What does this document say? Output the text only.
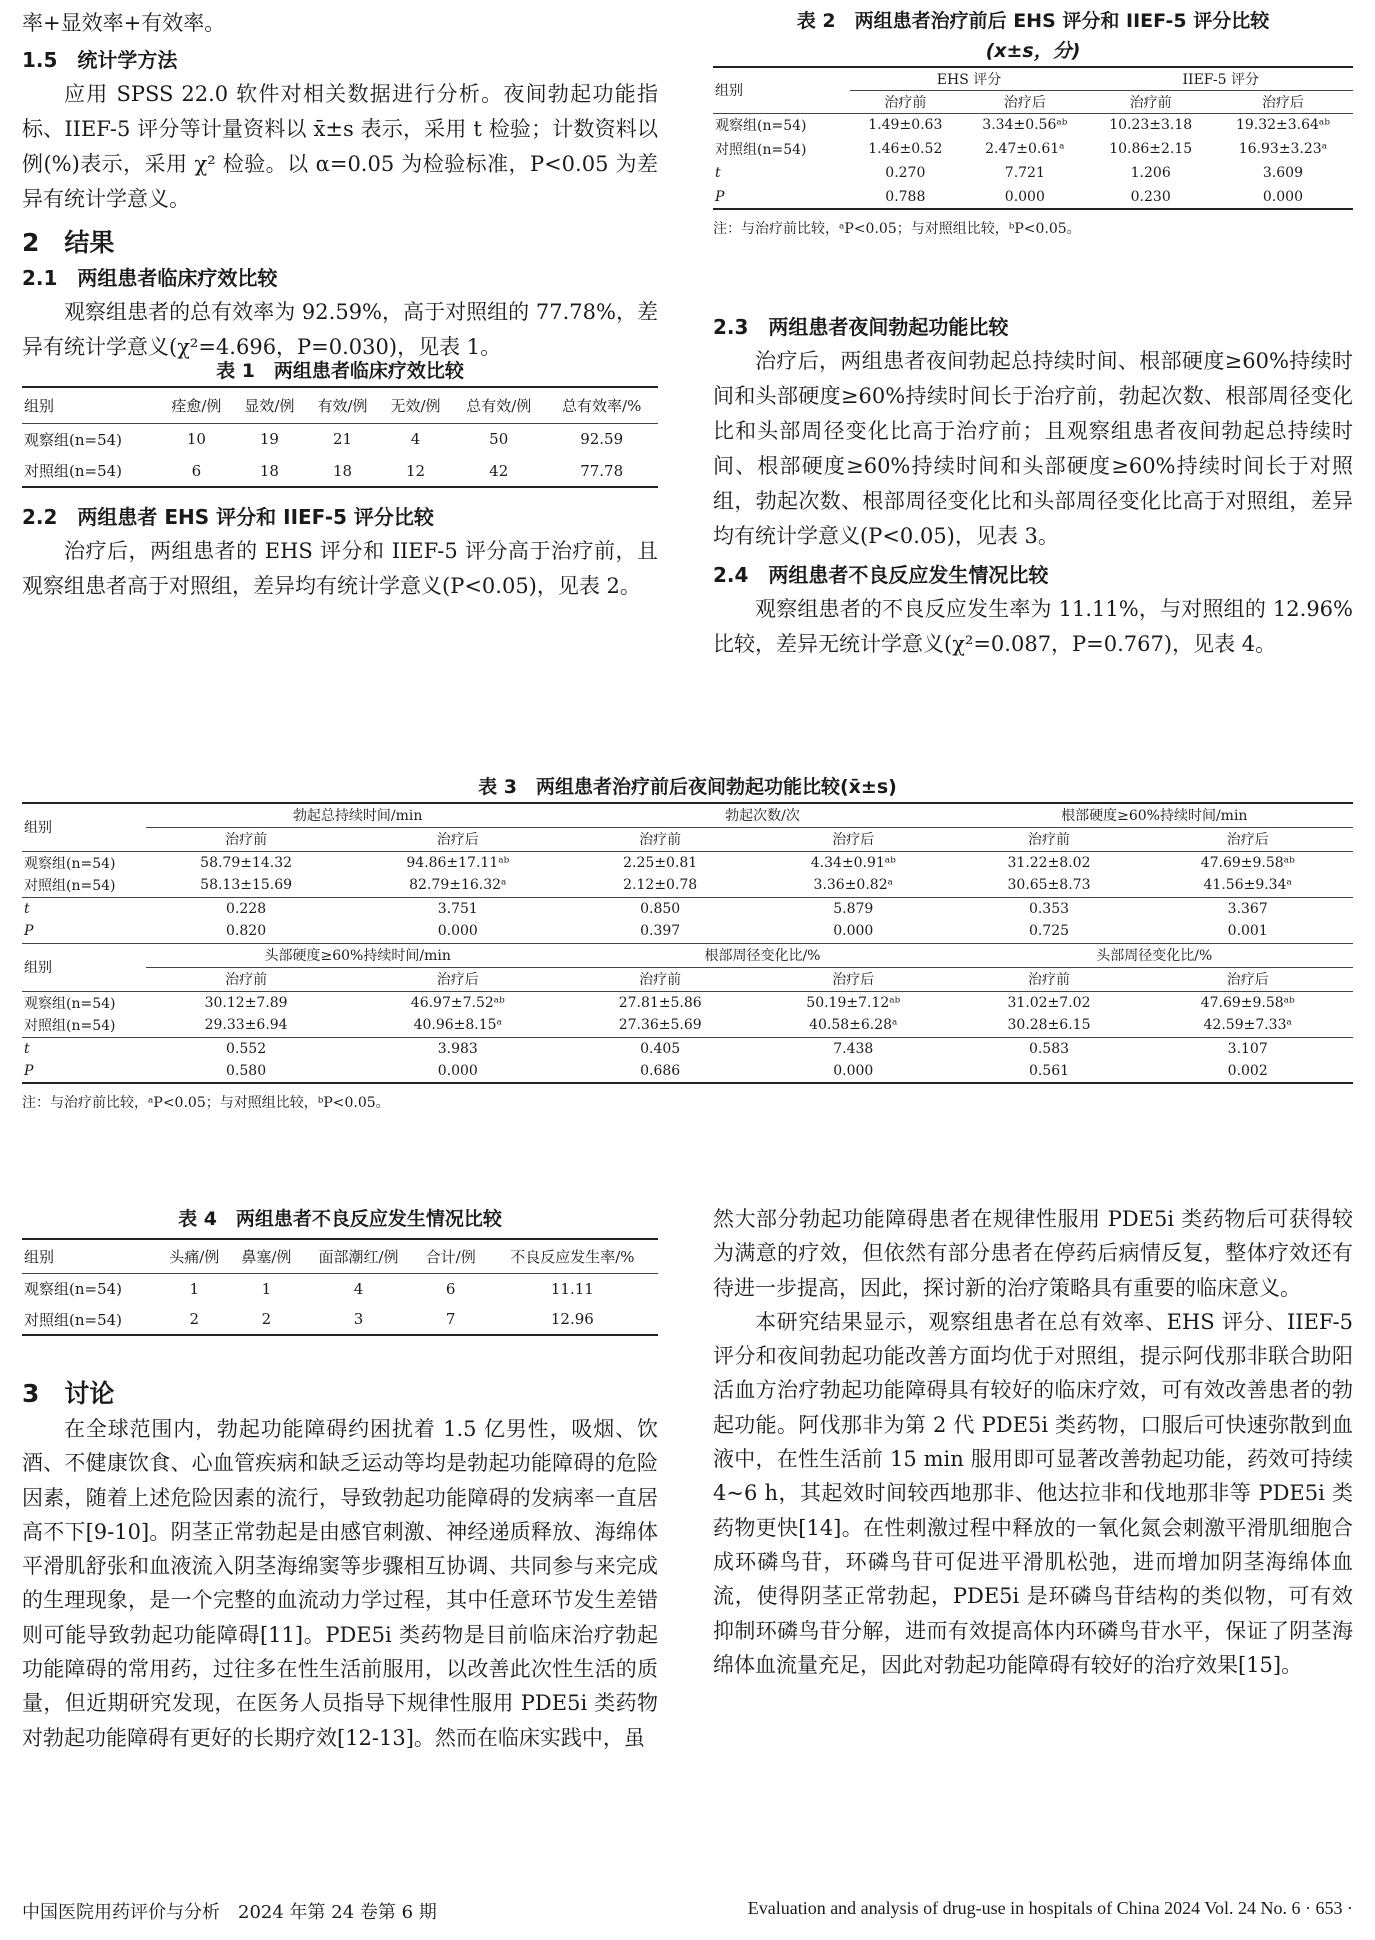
率+显效率+有效率。

1.5　统计学方法

应用 SPSS 22.0 软件对相关数据进行分析。夜间勃起功能指标、IIEF-5 评分等计量资料以 x̄±s 表示，采用 t 检验；计数资料以例(%)表示，采用 χ² 检验。以 α=0.05 为检验标准，P<0.05 为差异有统计学意义。

2　结果
2.1　两组患者临床疗效比较

观察组患者的总有效率为 92.59%，高于对照组的 77.78%，差异有统计学意义(χ²=4.696，P=0.030)，见表 1。

表 1　两组患者临床疗效比较
组别	痊愈/例	显效/例	有效/例	无效/例	总有效/例	总有效率/%
观察组(n=54)	10	19	21	4	50	92.59
对照组(n=54)	6	18	18	12	42	77.78
2.2　两组患者 EHS 评分和 IIEF-5 评分比较

治疗后，两组患者的 EHS 评分和 IIEF-5 评分高于治疗前，且观察组患者高于对照组，差异均有统计学意义(P<0.05)，见表 2。

表 2　两组患者治疗前后 EHS 评分和 IIEF-5 评分比较
(x±s，分)
组别	EHS 评分		IIEF-5 评分	
	治疗前	治疗后	治疗前	治疗后
观察组(n=54)	1.49±0.63	3.34±0.56ᵃᵇ	10.23±3.18	19.32±3.64ᵃᵇ
对照组(n=54)	1.46±0.52	2.47±0.61ᵃ	10.86±2.15	16.93±3.23ᵃ
t	0.270	7.721	1.206	3.609
P	0.788	0.000	0.230	0.000
注：与治疗前比较，ᵃP<0.05；与对照组比较，ᵇP<0.05。
2.3　两组患者夜间勃起功能比较

治疗后，两组患者夜间勃起总持续时间、根部硬度≥60%持续时间和头部硬度≥60%持续时间长于治疗前，勃起次数、根部周径变化比和头部周径变化比高于治疗前；且观察组患者夜间勃起总持续时间、根部硬度≥60%持续时间和头部硬度≥60%持续时间长于对照组，勃起次数、根部周径变化比和头部周径变化比高于对照组，差异均有统计学意义(P<0.05)，见表 3。

2.4　两组患者不良反应发生情况比较

观察组患者的不良反应发生率为 11.11%，与对照组的 12.96%比较，差异无统计学意义(χ²=0.087，P=0.767)，见表 4。

表 3　两组患者治疗前后夜间勃起功能比较(x̄±s)
组别	勃起总持续时间/min		勃起次数/次		根部硬度≥60%持续时间/min	
	治疗前	治疗后	治疗前	治疗后	治疗前	治疗后
观察组(n=54)	58.79±14.32	94.86±17.11ᵃᵇ	2.25±0.81	4.34±0.91ᵃᵇ	31.22±8.02	47.69±9.58ᵃᵇ
对照组(n=54)	58.13±15.69	82.79±16.32ᵃ	2.12±0.78	3.36±0.82ᵃ	30.65±8.73	41.56±9.34ᵃ
t	0.228	3.751	0.850	5.879	0.353	3.367
P	0.820	0.000	0.397	0.000	0.725	0.001
组别	头部硬度≥60%持续时间/min		根部周径变化比/%		头部周径变化比/%	
	治疗前	治疗后	治疗前	治疗后	治疗前	治疗后
观察组(n=54)	30.12±7.89	46.97±7.52ᵃᵇ	27.81±5.86	50.19±7.12ᵃᵇ	31.02±7.02	47.69±9.58ᵃᵇ
对照组(n=54)	29.33±6.94	40.96±8.15ᵃ	27.36±5.69	40.58±6.28ᵃ	30.28±6.15	42.59±7.33ᵃ
t	0.552	3.983	0.405	7.438	0.583	3.107
P	0.580	0.000	0.686	0.000	0.561	0.002
注：与治疗前比较，ᵃP<0.05；与对照组比较，ᵇP<0.05。
表 4　两组患者不良反应发生情况比较
组别	头痛/例	鼻塞/例	面部潮红/例	合计/例	不良反应发生率/%
观察组(n=54)	1	1	4	6	11.11
对照组(n=54)	2	2	3	7	12.96
3　讨论

在全球范围内，勃起功能障碍约困扰着 1.5 亿男性，吸烟、饮酒、不健康饮食、心血管疾病和缺乏运动等均是勃起功能障碍的危险因素，随着上述危险因素的流行，导致勃起功能障碍的发病率一直居高不下[9-10]。阴茎正常勃起是由感官刺激、神经递质释放、海绵体平滑肌舒张和血液流入阴茎海绵窦等步骤相互协调、共同参与来完成的生理现象，是一个完整的血流动力学过程，其中任意环节发生差错则可能导致勃起功能障碍[11]。PDE5i 类药物是目前临床治疗勃起功能障碍的常用药，过往多在性生活前服用，以改善此次性生活的质量，但近期研究发现，在医务人员指导下规律性服用 PDE5i 类药物对勃起功能障碍有更好的长期疗效[12-13]。然而在临床实践中，虽

然大部分勃起功能障碍患者在规律性服用 PDE5i 类药物后可获得较为满意的疗效，但依然有部分患者在停药后病情反复，整体疗效还有待进一步提高，因此，探讨新的治疗策略具有重要的临床意义。

本研究结果显示，观察组患者在总有效率、EHS 评分、IIEF-5 评分和夜间勃起功能改善方面均优于对照组，提示阿伐那非联合助阳活血方治疗勃起功能障碍具有较好的临床疗效，可有效改善患者的勃起功能。阿伐那非为第 2 代 PDE5i 类药物，口服后可快速弥散到血液中，在性生活前 15 min 服用即可显著改善勃起功能，药效可持续 4~6 h，其起效时间较西地那非、他达拉非和伐地那非等 PDE5i 类药物更快[14]。在性刺激过程中释放的一氧化氮会刺激平滑肌细胞合成环磷鸟苷，环磷鸟苷可促进平滑肌松弛，进而增加阴茎海绵体血流，使得阴茎正常勃起，PDE5i 是环磷鸟苷结构的类似物，可有效抑制环磷鸟苷分解，进而有效提高体内环磷鸟苷水平，保证了阴茎海绵体血流量充足，因此对勃起功能障碍有较好的治疗效果[15]。

中国医院用药评价与分析　2024 年第 24 卷第 6 期	Evaluation and analysis of drug-use in hospitals of China 2024 Vol. 24 No. 6 · 653 ·
